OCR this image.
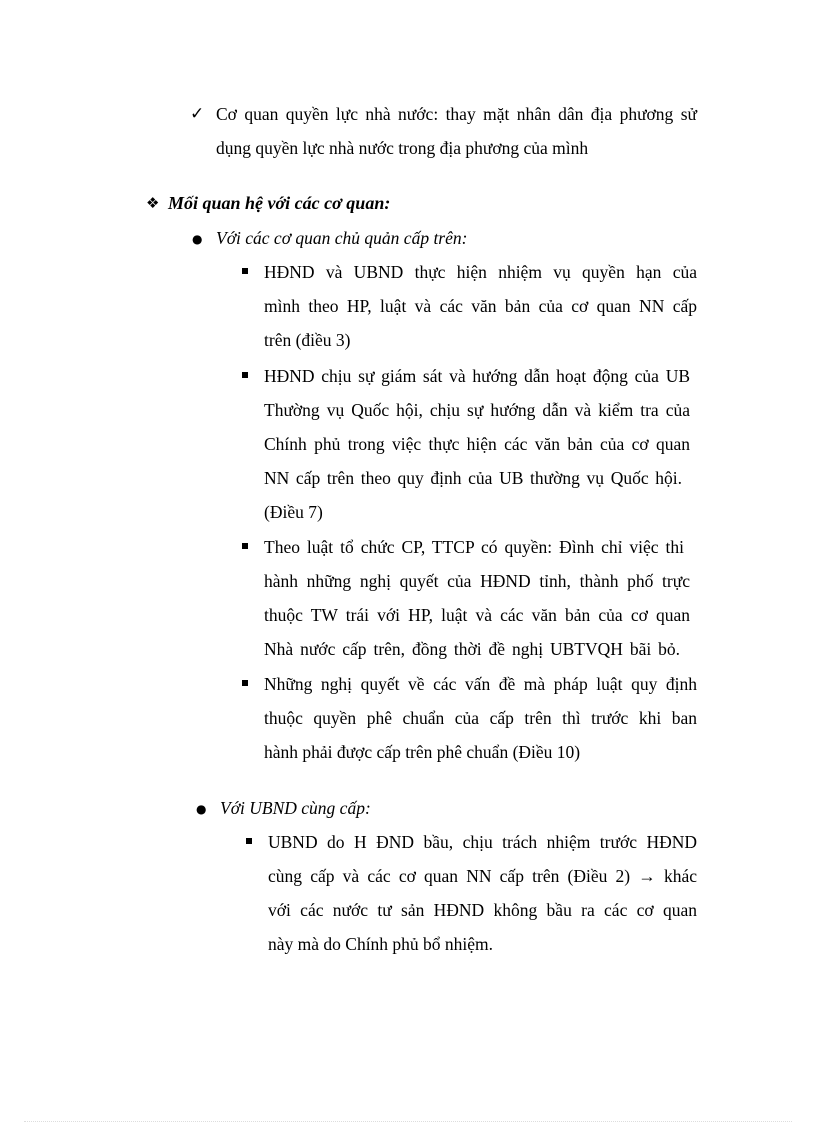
✓ Cơ quan quyền lực nhà nước: thay mặt nhân dân địa phương sử
dụng quyền lực nhà nước trong địa phương của mình
❖ Mối quan hệ với các cơ quan:
● Với các cơ quan chủ quản cấp trên:
HĐND và UBND thực hiện nhiệm vụ quyền hạn của
mình theo HP, luật và các văn bản của cơ quan NN cấp
trên (điều 3)
HĐND chịu sự giám sát và hướng dẫn hoạt động của UB
Thường vụ Quốc hội, chịu sự hướng dẫn và kiểm tra của
Chính phủ trong việc thực hiện các văn bản của cơ quan
NN cấp trên theo quy định của UB thường vụ Quốc hội.
(Điều 7)
Theo luật tổ chức CP, TTCP có quyền: Đình chỉ việc thi
hành những nghị quyết của HĐND tỉnh, thành phố trực
thuộc TW trái với HP, luật và các văn bản của cơ quan
Nhà nước cấp trên, đồng thời đề nghị UBTVQH bãi bỏ.
Những nghị quyết về các vấn đề mà pháp luật quy định
thuộc quyền phê chuẩn của cấp trên thì trước khi ban
hành phải được cấp trên phê chuẩn (Điều 10)
● Với UBND cùng cấp:
UBND do H ĐND bầu, chịu trách nhiệm trước HĐND
cùng cấp và các cơ quan NN cấp trên (Điều 2) → khác
với các nước tư sản HĐND không bầu ra các cơ quan
này mà do Chính phủ bổ nhiệm.
